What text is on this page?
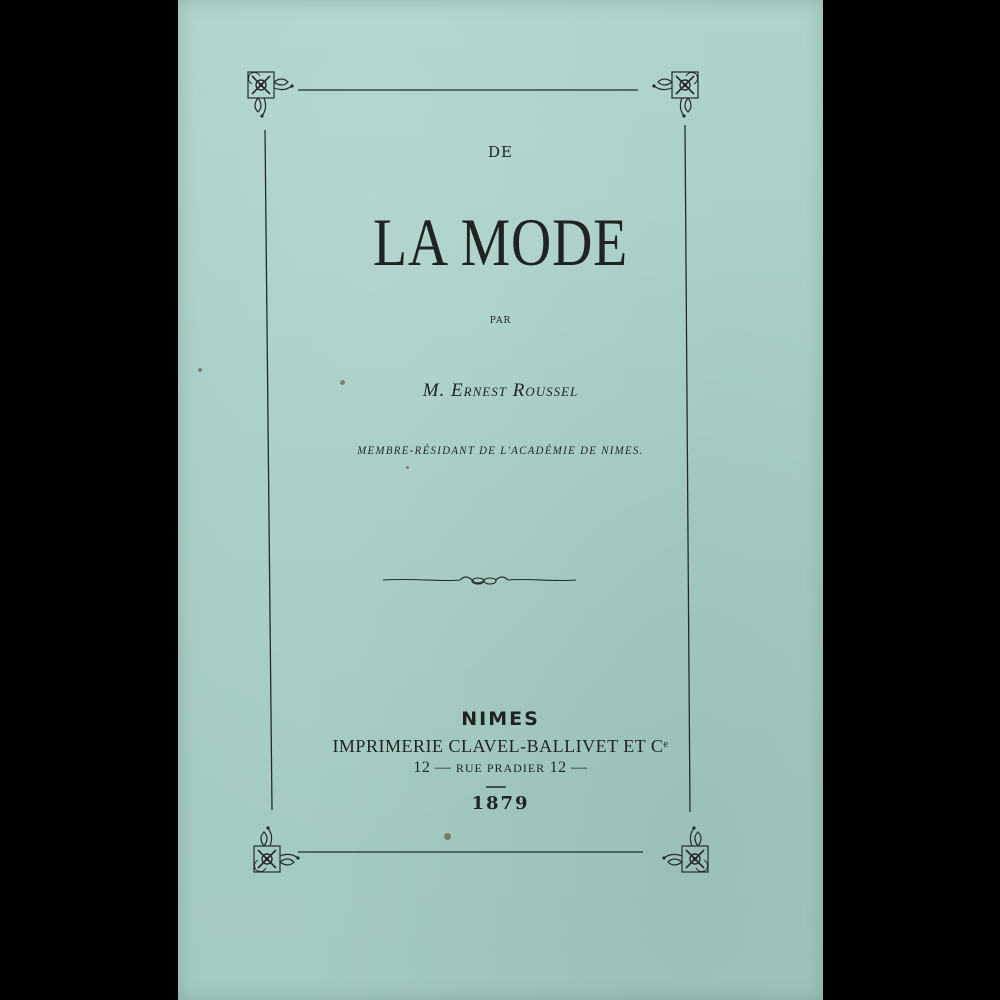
DE
LA MODE
PAR
M. Ernest Roussel
MEMBRE-RÉSIDANT DE L'ACADÉMIE DE NIMES.
NIMES
IMPRIMERIE CLAVEL-BALLIVET ET Cᵉ
12 — RUE PRADIER 12 —
1879
